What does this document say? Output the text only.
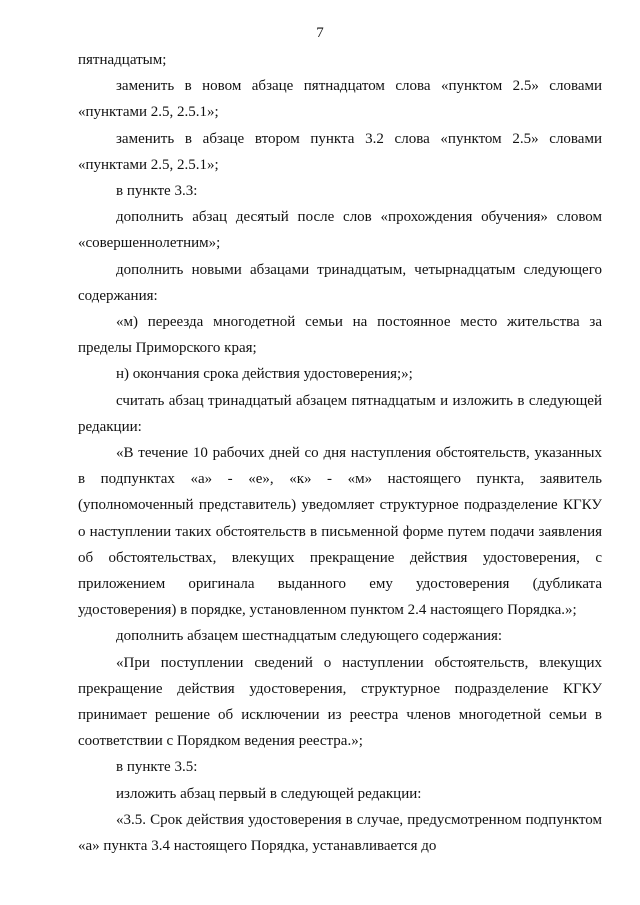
7

пятнадцатым;

заменить в новом абзаце пятнадцатом слова «пунктом 2.5» словами «пунктами 2.5, 2.5.1»;

заменить в абзаце втором пункта 3.2 слова «пунктом 2.5» словами «пунктами 2.5, 2.5.1»;

в пункте 3.3:

дополнить абзац десятый после слов «прохождения обучения» словом «совершеннолетним»;

дополнить новыми абзацами тринадцатым, четырнадцатым следующего содержания:

«м) переезда многодетной семьи на постоянное место жительства за пределы Приморского края;

н) окончания срока действия удостоверения;»;

считать абзац тринадцатый абзацем пятнадцатым и изложить в следующей редакции:

«В течение 10 рабочих дней со дня наступления обстоятельств, указанных в подпунктах «а» - «е», «к» - «м» настоящего пункта, заявитель (уполномоченный представитель) уведомляет структурное подразделение КГКУ о наступлении таких обстоятельств в письменной форме путем подачи заявления об обстоятельствах, влекущих прекращение действия удостоверения, с приложением оригинала выданного ему удостоверения (дубликата удостоверения) в порядке, установленном пунктом 2.4 настоящего Порядка.»;

дополнить абзацем шестнадцатым следующего содержания:

«При поступлении сведений о наступлении обстоятельств, влекущих прекращение действия удостоверения, структурное подразделение КГКУ принимает решение об исключении из реестра членов многодетной семьи в соответствии с Порядком ведения реестра.»;

в пункте 3.5:

изложить абзац первый в следующей редакции:

«3.5. Срок действия удостоверения в случае, предусмотренном подпунктом «а» пункта 3.4 настоящего Порядка, устанавливается до
